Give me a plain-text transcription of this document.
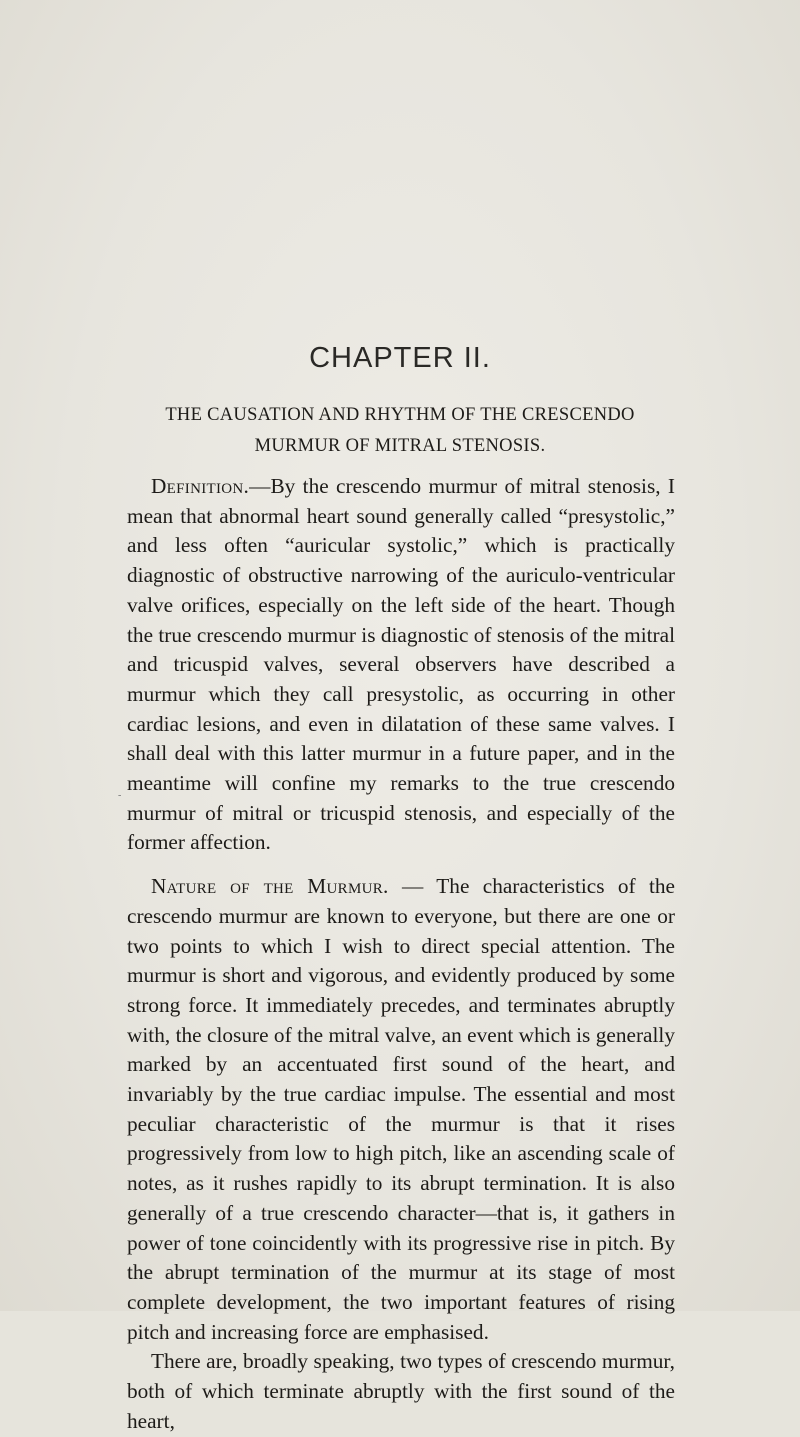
CHAPTER II.
THE CAUSATION AND RHYTHM OF THE CRESCENDO
MURMUR OF MITRAL STENOSIS.

Definition.—By the crescendo murmur of mitral stenosis, I mean that abnormal heart sound generally called “presystolic,” and less often “auricular systolic,” which is practically diagnostic of obstructive narrowing of the auriculo-ventricular valve orifices, especially on the left side of the heart. Though the true crescendo murmur is diagnostic of stenosis of the mitral and tricuspid valves, several observers have described a murmur which they call presystolic, as occurring in other cardiac lesions, and even in dilatation of these same valves. I shall deal with this latter murmur in a future paper, and in the meantime will confine my remarks to the true crescendo murmur of mitral or tricuspid stenosis, and especially of the former affection.

Nature of the Murmur. — The characteristics of the crescendo murmur are known to everyone, but there are one or two points to which I wish to direct special attention. The murmur is short and vigorous, and evidently produced by some strong force. It immediately precedes, and terminates abruptly with, the closure of the mitral valve, an event which is generally marked by an accentuated first sound of the heart, and invariably by the true cardiac impulse. The essential and most peculiar characteristic of the murmur is that it rises progressively from low to high pitch, like an ascending scale of notes, as it rushes rapidly to its abrupt termination. It is also generally of a true crescendo character—that is, it gathers in power of tone coincidently with its progressive rise in pitch. By the abrupt termination of the murmur at its stage of most complete development, the two important features of rising pitch and increasing force are emphasised.

There are, broadly speaking, two types of crescendo murmur, both of which terminate abruptly with the first sound of the heart,

-
